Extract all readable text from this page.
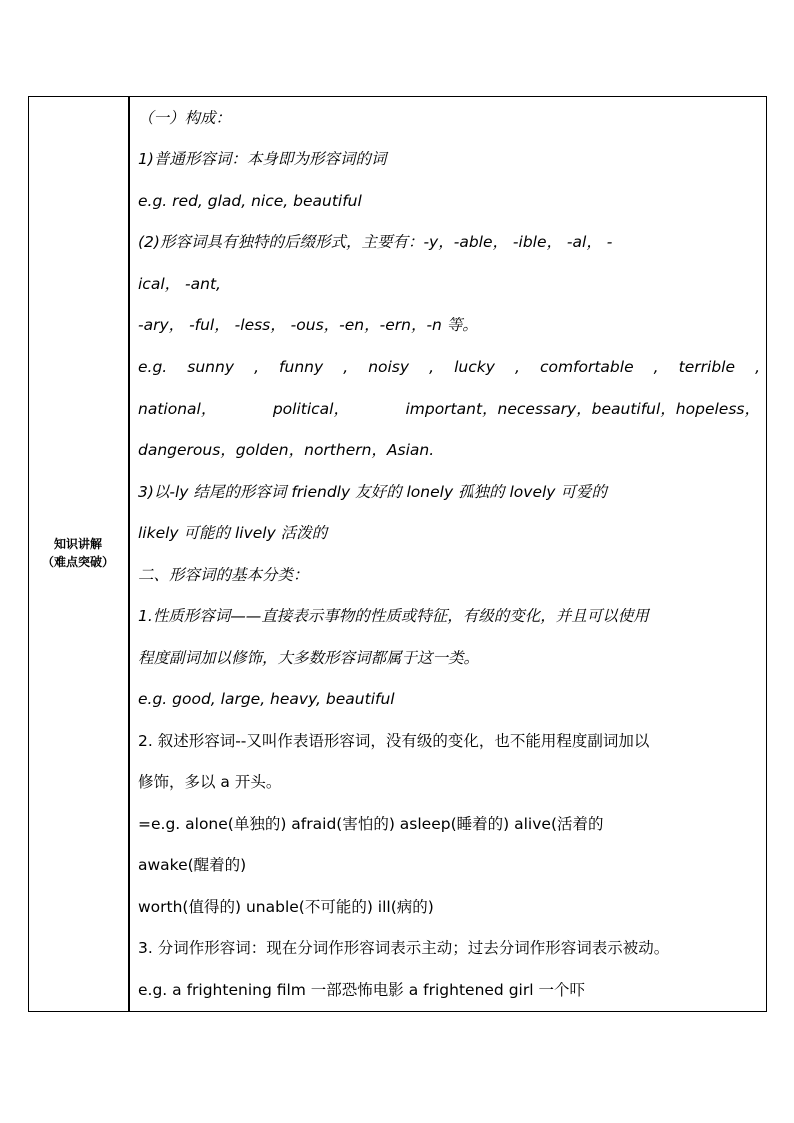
知识讲解
（难点突破）
（一）构成：
1)普通形容词：本身即为形容词的词
e.g. red, glad, nice, beautiful
(2)形容词具有独特的后缀形式，主要有：-y，-able， -ible， -al， -
ical， -ant,
-ary， -ful， -less， -ous，-en，-ern，-n 等。
e.g. sunny , funny , noisy , lucky , comfortable , terrible ,
national，	political，	important，necessary，beautiful，hopeless，
dangerous，golden，northern，Asian.
3)以-ly 结尾的形容词 friendly 友好的 lonely 孤独的 lovely 可爱的
likely 可能的 lively 活泼的
二、形容词的基本分类：
1.性质形容词——直接表示事物的性质或特征，有级的变化，并且可以使用
程度副词加以修饰，大多数形容词都属于这一类。
e.g. good, large, heavy, beautiful
2. 叙述形容词--又叫作表语形容词，没有级的变化，也不能用程度副词加以
修饰，多以 a 开头。
=e.g. alone(单独的) afraid(害怕的) asleep(睡着的) alive(活着的
awake(醒着的)
worth(值得的) unable(不可能的) ill(病的)
3. 分词作形容词：现在分词作形容词表示主动；过去分词作形容词表示被动。
e.g. a frightening film 一部恐怖电影 a frightened girl 一个吓
